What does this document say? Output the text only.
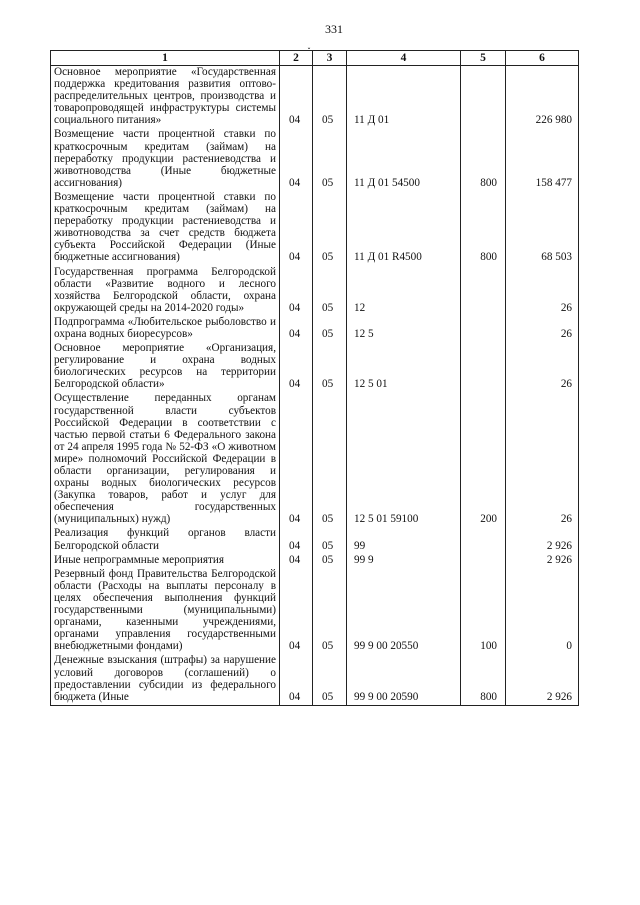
331
˯
1	2	3	4	5	6
Основное мероприятие «Государственная поддержка кредитования развития оптово-распределительных центров, производства и товаропроводящей инфраструктуры системы социального питания»	04	05	11 Д 01		226 980
Возмещение части процентной ставки по краткосрочным кредитам (займам) на переработку продукции растениеводства и животноводства (Иные бюджетные ассигнования)	04	05	11 Д 01 54500	800	158 477
Возмещение части процентной ставки по краткосрочным кредитам (займам) на переработку продукции растениеводства и животноводства за счет средств бюджета субъекта Российской Федерации (Иные бюджетные ассигнования)	04	05	11 Д 01 R4500	800	68 503
Государственная программа Белгородской области «Развитие водного и лесного хозяйства Белгородской области, охрана окружающей среды на 2014-2020 годы»	04	05	12		26
Подпрограмма «Любительское рыболовство и охрана водных биоресурсов»	04	05	12 5		26
Основное мероприятие «Организация, регулирование и охрана водных биологических ресурсов на территории Белгородской области»	04	05	12 5 01		26
Осуществление переданных органам государственной власти субъектов Российской Федерации в соответствии с частью первой статьи 6 Федерального закона от 24 апреля 1995 года № 52-ФЗ «О животном мире» полномочий Российской Федерации в области организации, регулирования и охраны водных биологических ресурсов (Закупка товаров, работ и услуг для обеспечения государственных (муниципальных) нужд)	04	05	12 5 01 59100	200	26
Реализация функций органов власти Белгородской области	04	05	99		2 926
Иные непрограммные мероприятия	04	05	99 9		2 926
Резервный фонд Правительства Белгородской области (Расходы на выплаты персоналу в целях обеспечения выполнения функций государственными (муниципальными) органами, казенными учреждениями, органами управления государственными внебюджетными фондами)	04	05	99 9 00 20550	100	0
Денежные взыскания (штрафы) за нарушение условий договоров (соглашений) о предоставлении субсидии из федерального бюджета (Иные	04	05	99 9 00 20590	800	2 926
